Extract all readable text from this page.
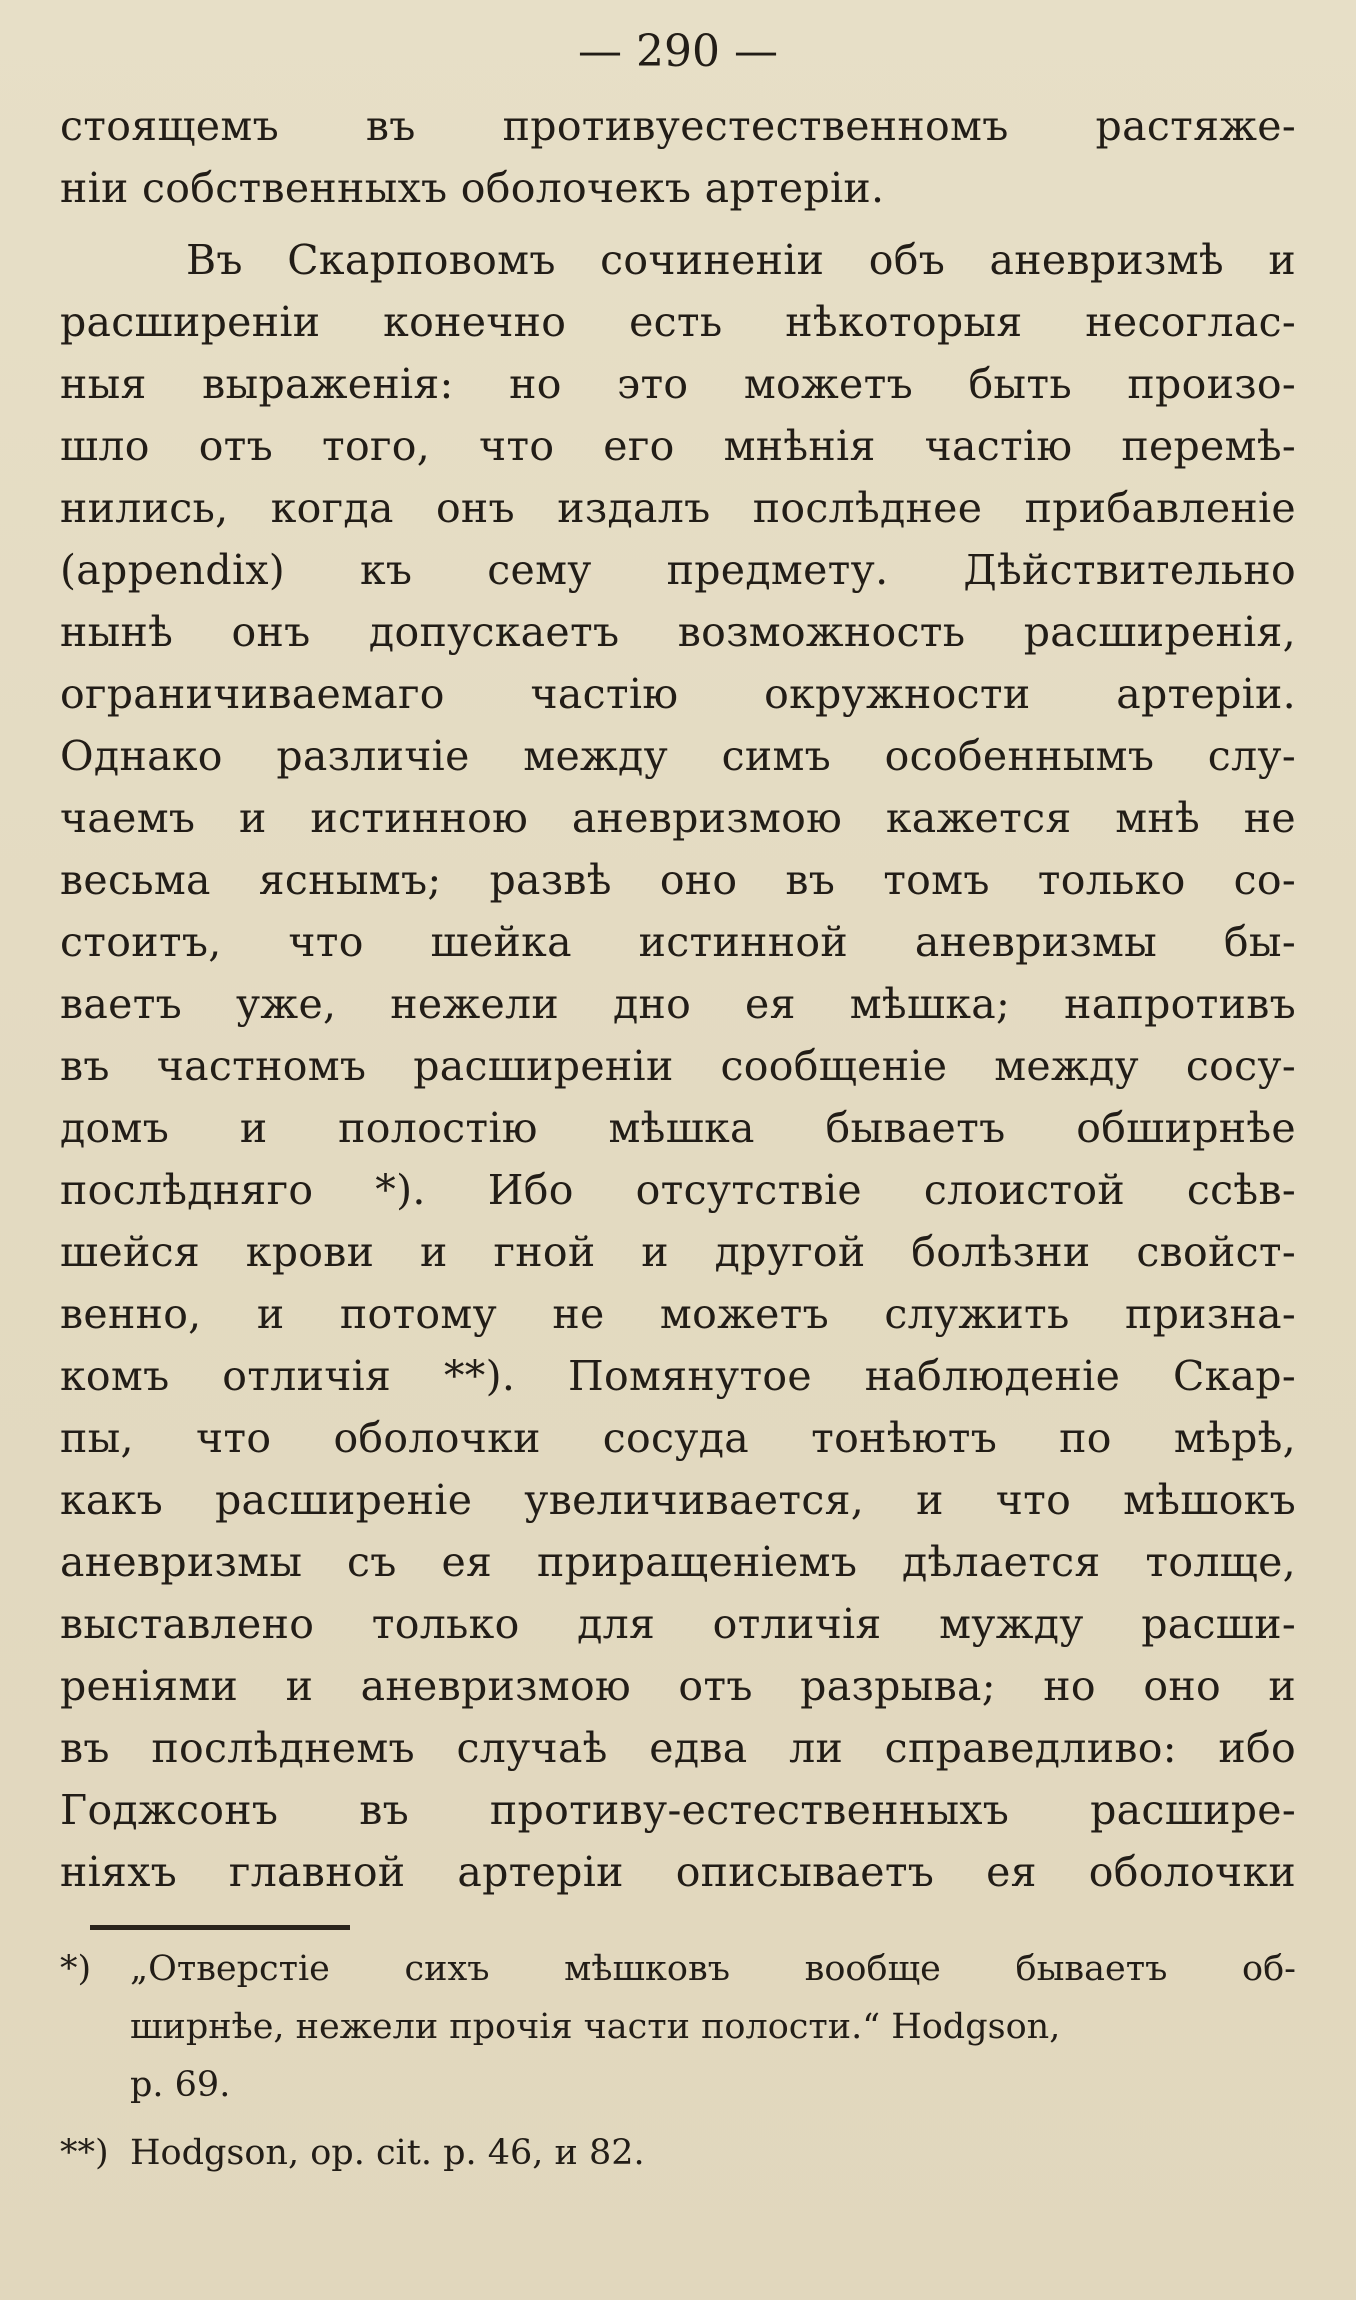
— 290 —
стоящемъ въ противуестественномъ растяже-
ніи собственныхъ оболочекъ артеріи.
Въ Скарповомъ сочиненіи объ аневризмѣ и
расширеніи конечно есть нѣкоторыя несоглас-
ныя выраженія: но это можетъ быть произо-
шло отъ того, что его мнѣнія частію перемѣ-
нились, когда онъ издалъ послѣднее прибавленіе
(appendix) къ сему предмету. Дѣйствительно
нынѣ онъ допускаетъ возможность расширенія,
ограничиваемаго частію окружности артеріи.
Однако различіе между симъ особеннымъ слу-
чаемъ и истинною аневризмою кажется мнѣ не
весьма яснымъ; развѣ оно въ томъ только со-
стоитъ, что шейка истинной аневризмы бы-
ваетъ уже, нежели дно ея мѣшка; напротивъ
въ частномъ расширеніи сообщеніе между сосу-
домъ и полостію мѣшка бываетъ обширнѣе
послѣдняго *). Ибо отсутствіе слоистой ссѣв-
шейся крови и гной и другой болѣзни свойст-
венно, и потому не можетъ служить призна-
комъ отличія **). Помянутое наблюденіе Скар-
пы, что оболочки сосуда тонѣютъ по мѣрѣ,
какъ расширеніе увеличивается, и что мѣшокъ
аневризмы съ ея приращеніемъ дѣлается толще,
выставлено только для отличія мужду расши-
реніями и аневризмою отъ разрыва; но оно и
въ послѣднемъ случаѣ едва ли справедливо: ибо
Годжсонъ въ противу-естественныхъ расшире-
ніяхъ главной артеріи описываетъ ея оболочки
*) „Отверстіе сихъ мѣшковъ вообще бываетъ об-
ширнѣе, нежели прочія части полости.“ Hodgson,
p. 69.
**) Hodgson, op. cit. p. 46, и 82.
